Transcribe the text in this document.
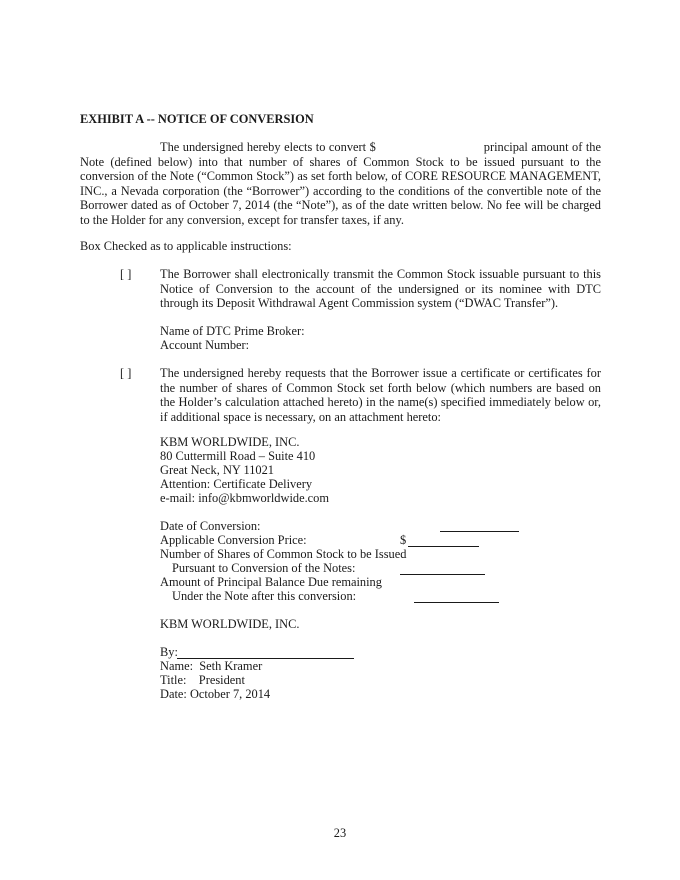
EXHIBIT A -- NOTICE OF CONVERSION
The undersigned hereby elects to convert $	principal amount of the Note (defined below) into that number of shares of Common Stock to be issued pursuant to the conversion of the Note (“Common Stock”) as set forth below, of CORE RESOURCE MANAGEMENT, INC., a Nevada corporation (the “Borrower”) according to the conditions of the convertible note of the Borrower dated as of October 7, 2014 (the “Note”), as of the date written below. No fee will be charged to the Holder for any conversion, except for transfer taxes, if any.
Box Checked as to applicable instructions:
[ ] The Borrower shall electronically transmit the Common Stock issuable pursuant to this Notice of Conversion to the account of the undersigned or its nominee with DTC through its Deposit Withdrawal Agent Commission system (“DWAC Transfer”).
Name of DTC Prime Broker:
Account Number:
[ ] The undersigned hereby requests that the Borrower issue a certificate or certificates for the number of shares of Common Stock set forth below (which numbers are based on the Holder’s calculation attached hereto) in the name(s) specified immediately below or, if additional space is necessary, on an attachment hereto:
KBM WORLDWIDE, INC.
80 Cuttermill Road – Suite 410
Great Neck, NY 11021
Attention: Certificate Delivery
e-mail: info@kbmworldwide.com
Date of Conversion:
Applicable Conversion Price:	$
Number of Shares of Common Stock to be Issued
Pursuant to Conversion of the Notes:
Amount of Principal Balance Due remaining
Under the Note after this conversion:
KBM WORLDWIDE, INC.
By:
Name: Seth Kramer
Title: President
Date: October 7, 2014
23
